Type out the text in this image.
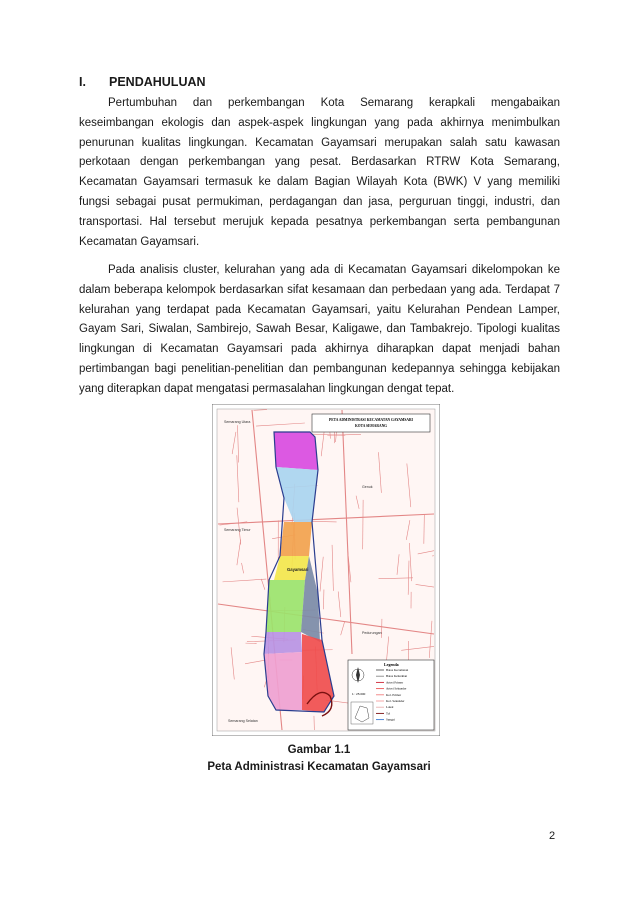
I. PENDAHULUAN

Pertumbuhan dan perkembangan Kota Semarang kerapkali mengabaikan keseimbangan ekologis dan aspek-aspek lingkungan yang pada akhirnya menimbulkan penurunan kualitas lingkungan. Kecamatan Gayamsari merupakan salah satu kawasan perkotaan dengan perkembangan yang pesat. Berdasarkan RTRW Kota Semarang, Kecamatan Gayamsari termasuk ke dalam Bagian Wilayah Kota (BWK) V yang memiliki fungsi sebagai pusat permukiman, perdagangan dan jasa, perguruan tinggi, industri, dan transportasi. Hal tersebut merujuk kepada pesatnya perkembangan serta pembangunan Kecamatan Gayamsari.

Pada analisis cluster, kelurahan yang ada di Kecamatan Gayamsari dikelompokan ke dalam beberapa kelompok berdasarkan sifat kesamaan dan perbedaan yang ada. Terdapat 7 kelurahan yang terdapat pada Kecamatan Gayamsari, yaitu Kelurahan Pendean Lamper, Gayam Sari, Siwalan, Sambirejo, Sawah Besar, Kaligawe, dan Tambakrejo. Tipologi kualitas lingkungan di Kecamatan Gayamsari pada akhirnya diharapkan dapat menjadi bahan pertimbangan bagi penelitian-penelitian dan pembangunan kedepannya sehingga kebijakan yang diterapkan dapat mengatasi permasalahan lingkungan dengat tepat.

PETA ADMINISTRASI KECAMATAN GAYAMSARI
KOTA SEMARANG
Gayamsari
Semarang Utara
Semarang Timur
Semarang Selatan
Genuk
Pedurungan
Legenda
1 : 25.000
Batas Kecamatan
Batas Kelurahan
Arteri Primer
Arteri Sekunder
Kol. Primer
Kol. Sekunder
Lokal
Tol
Sungai
Gambar 1.1
Peta Administrasi Kecamatan Gayamsari
2
